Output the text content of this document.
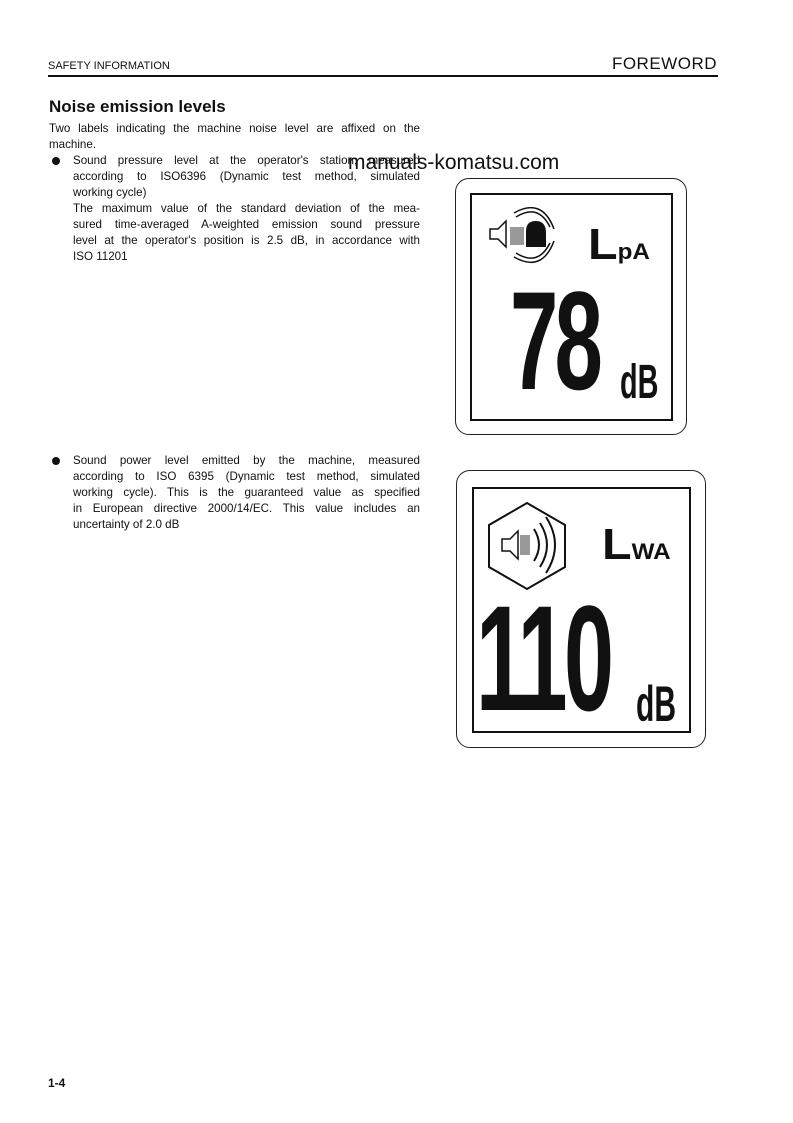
SAFETY INFORMATION	FOREWORD
Noise emission levels
Two labels indicating the machine noise level are affixed on the machine.
Sound pressure level at the operator's station, measured
according to ISO6396 (Dynamic test method, simulated
working cycle)
The maximum value of the standard deviation of the mea-
sured time-averaged A-weighted emission sound pressure
level at the operator's position is 2.5 dB, in accordance with
ISO 11201
Sound power level emitted by the machine, measured
according to ISO 6395 (Dynamic test method, simulated
working cycle). This is the guaranteed value as specified
in European directive 2000/14/EC. This value includes an
uncertainty of 2.0 dB
manuals-komatsu.com
LpA
78 dB
LWA
110 dB
1-4
